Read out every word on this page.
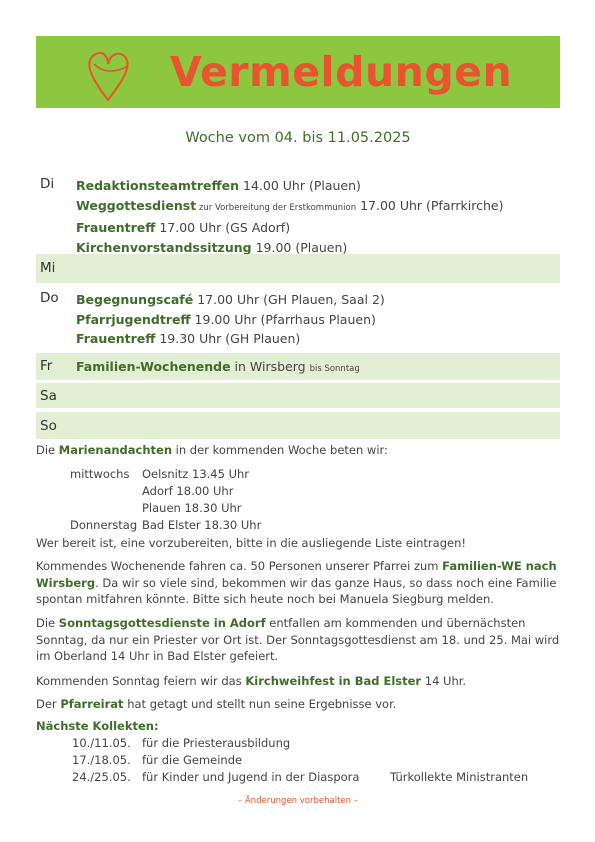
Vermeldungen
Woche vom 04. bis 11.05.2025
Di Redaktionsteamtreffen 14.00 Uhr (Plauen)
Weggottesdienst zur Vorbereitung der Erstkommunion 17.00 Uhr (Pfarrkirche)
Frauentreff 17.00 Uhr (GS Adorf)
Kirchenvorstandssitzung 19.00 (Plauen)
Mi
Do Begegnungscafé 17.00 Uhr (GH Plauen, Saal 2)
Pfarrjugendtreff 19.00 Uhr (Pfarrhaus Plauen)
Frauentreff 19.30 Uhr (GH Plauen)
Fr Familien-Wochenende in Wirsberg bis Sonntag
Sa
So
Die Marienandachten in der kommenden Woche beten wir:
mittwochs	Oelsnitz 13.45 Uhr
Adorf 18.00 Uhr
Plauen 18.30 Uhr
Donnerstag Bad Elster 18.30 Uhr
Wer bereit ist, eine vorzubereiten, bitte in die ausliegende Liste eintragen!
Kommendes Wochenende fahren ca. 50 Personen unserer Pfarrei zum Familien-WE nach Wirsberg. Da wir so viele sind, bekommen wir das ganze Haus, so dass noch eine Familie spontan mitfahren könnte. Bitte sich heute noch bei Manuela Siegburg melden.
Die Sonntagsgottesdienste in Adorf entfallen am kommenden und übernächsten Sonntag, da nur ein Priester vor Ort ist. Der Sonntagsgottesdienst am 18. und 25. Mai wird im Oberland 14 Uhr in Bad Elster gefeiert.
Kommenden Sonntag feiern wir das Kirchweihfest in Bad Elster 14 Uhr.
Der Pfarreirat hat getagt und stellt nun seine Ergebnisse vor.
Nächste Kollekten:
10./11.05. für die Priesterausbildung
17./18.05. für die Gemeinde
24./25.05. für Kinder und Jugend in der Diaspora	Türkollekte Ministranten
– Änderungen vorbehalten –
